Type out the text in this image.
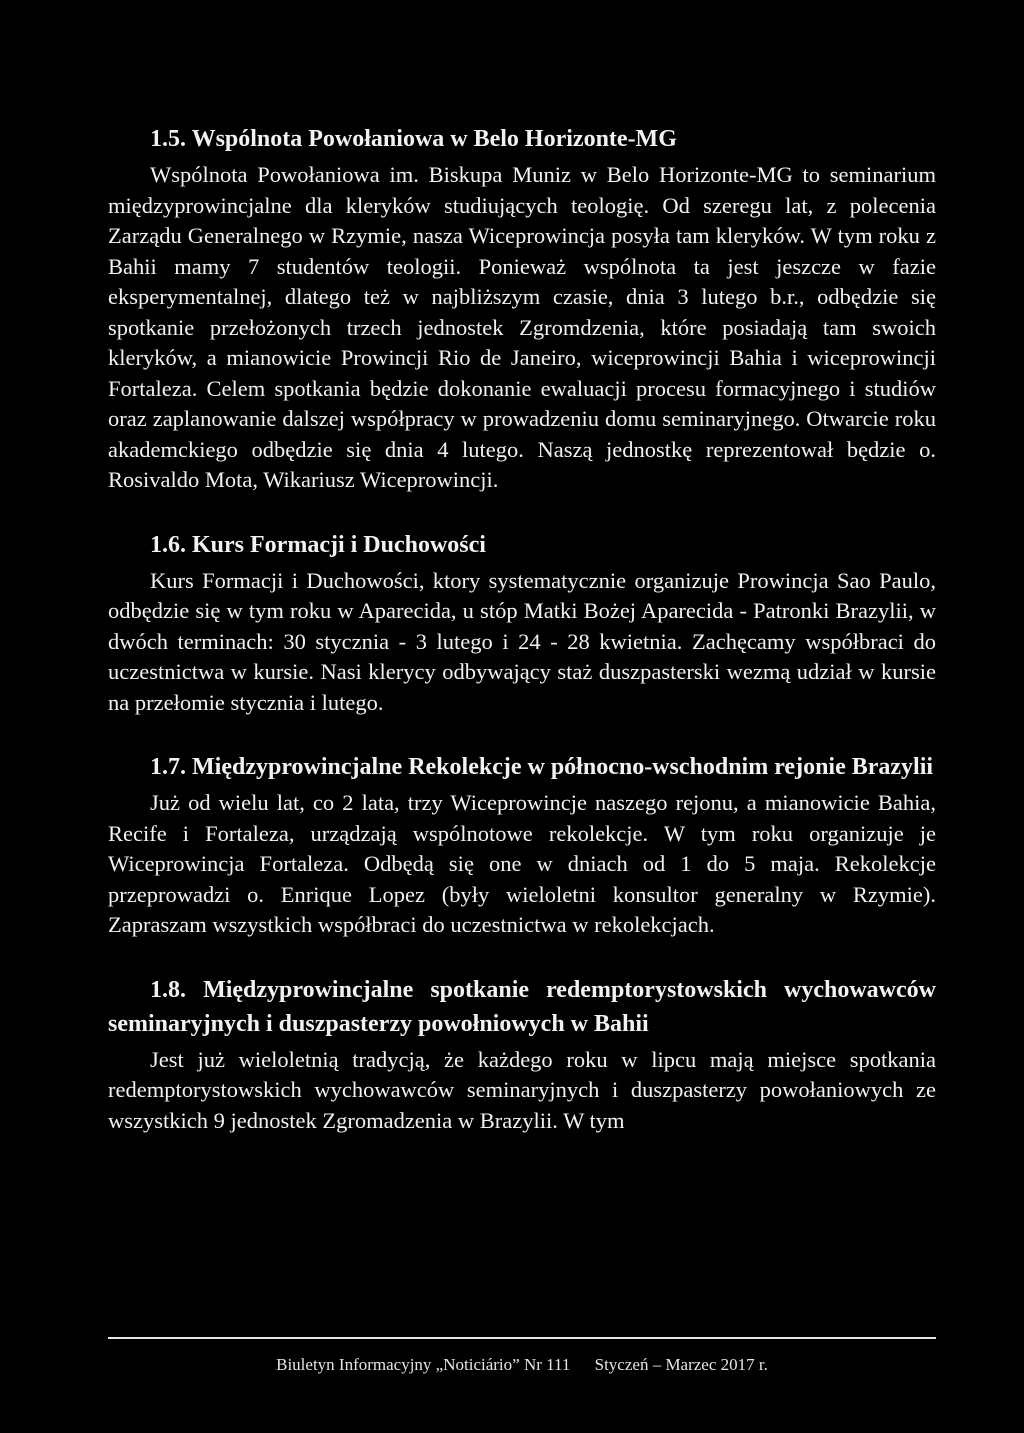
1.5. Wspólnota Powołaniowa w Belo Horizonte-MG

Wspólnota Powołaniowa im. Biskupa Muniz w Belo Horizonte-MG to seminarium międzyprowincjalne dla kleryków studiujących teologię. Od szeregu lat, z polecenia Zarządu Generalnego w Rzymie, nasza Wiceprowincja posyła tam kleryków. W tym roku z Bahii mamy 7 studentów teologii. Ponieważ wspólnota ta jest jeszcze w fazie eksperymentalnej, dlatego też w najbliższym czasie, dnia 3 lutego b.r., odbędzie się spotkanie przełożonych trzech jednostek Zgromdzenia, które posiadają tam swoich kleryków, a mianowicie Prowincji Rio de Janeiro, wiceprowincji Bahia i wiceprowincji Fortaleza. Celem spotkania będzie dokonanie ewaluacji procesu formacyjnego i studiów oraz zaplanowanie dalszej współpracy w prowadzeniu domu seminaryjnego. Otwarcie roku akademckiego odbędzie się dnia 4 lutego. Naszą jednostkę reprezentował będzie o. Rosivaldo Mota, Wikariusz Wiceprowincji.

1.6. Kurs Formacji i Duchowości

Kurs Formacji i Duchowości, ktory systematycznie organizuje Prowincja Sao Paulo, odbędzie się w tym roku w Aparecida, u stóp Matki Bożej Aparecida - Patronki Brazylii, w dwóch terminach: 30 stycznia - 3 lutego i 24 - 28 kwietnia. Zachęcamy współbraci do uczestnictwa w kursie. Nasi klerycy odbywający staż duszpasterski wezmą udział w kursie na przełomie stycznia i lutego.

1.7. Międzyprowincjalne Rekolekcje w północno-wschodnim rejonie Brazylii

Już od wielu lat, co 2 lata, trzy Wiceprowincje naszego rejonu, a mianowicie Bahia, Recife i Fortaleza, urządzają wspólnotowe rekolekcje. W tym roku organizuje je Wiceprowincja Fortaleza. Odbędą się one w dniach od 1 do 5 maja. Rekolekcje przeprowadzi o. Enrique Lopez (były wieloletni konsultor generalny w Rzymie). Zapraszam wszystkich współbraci do uczestnictwa w rekolekcjach.

1.8. Międzyprowincjalne spotkanie redemptorystowskich wychowawców seminaryjnych i duszpasterzy powołniowych w Bahii

Jest już wieloletnią tradycją, że każdego roku w lipcu mają miejsce spotkania redemptorystowskich wychowawców seminaryjnych i duszpasterzy powołaniowych ze wszystkich 9 jednostek Zgromadzenia w Brazylii. W tym

Biuletyn Informacyjny „Noticiário” Nr 111 Styczeń – Marzec 2017 r.
